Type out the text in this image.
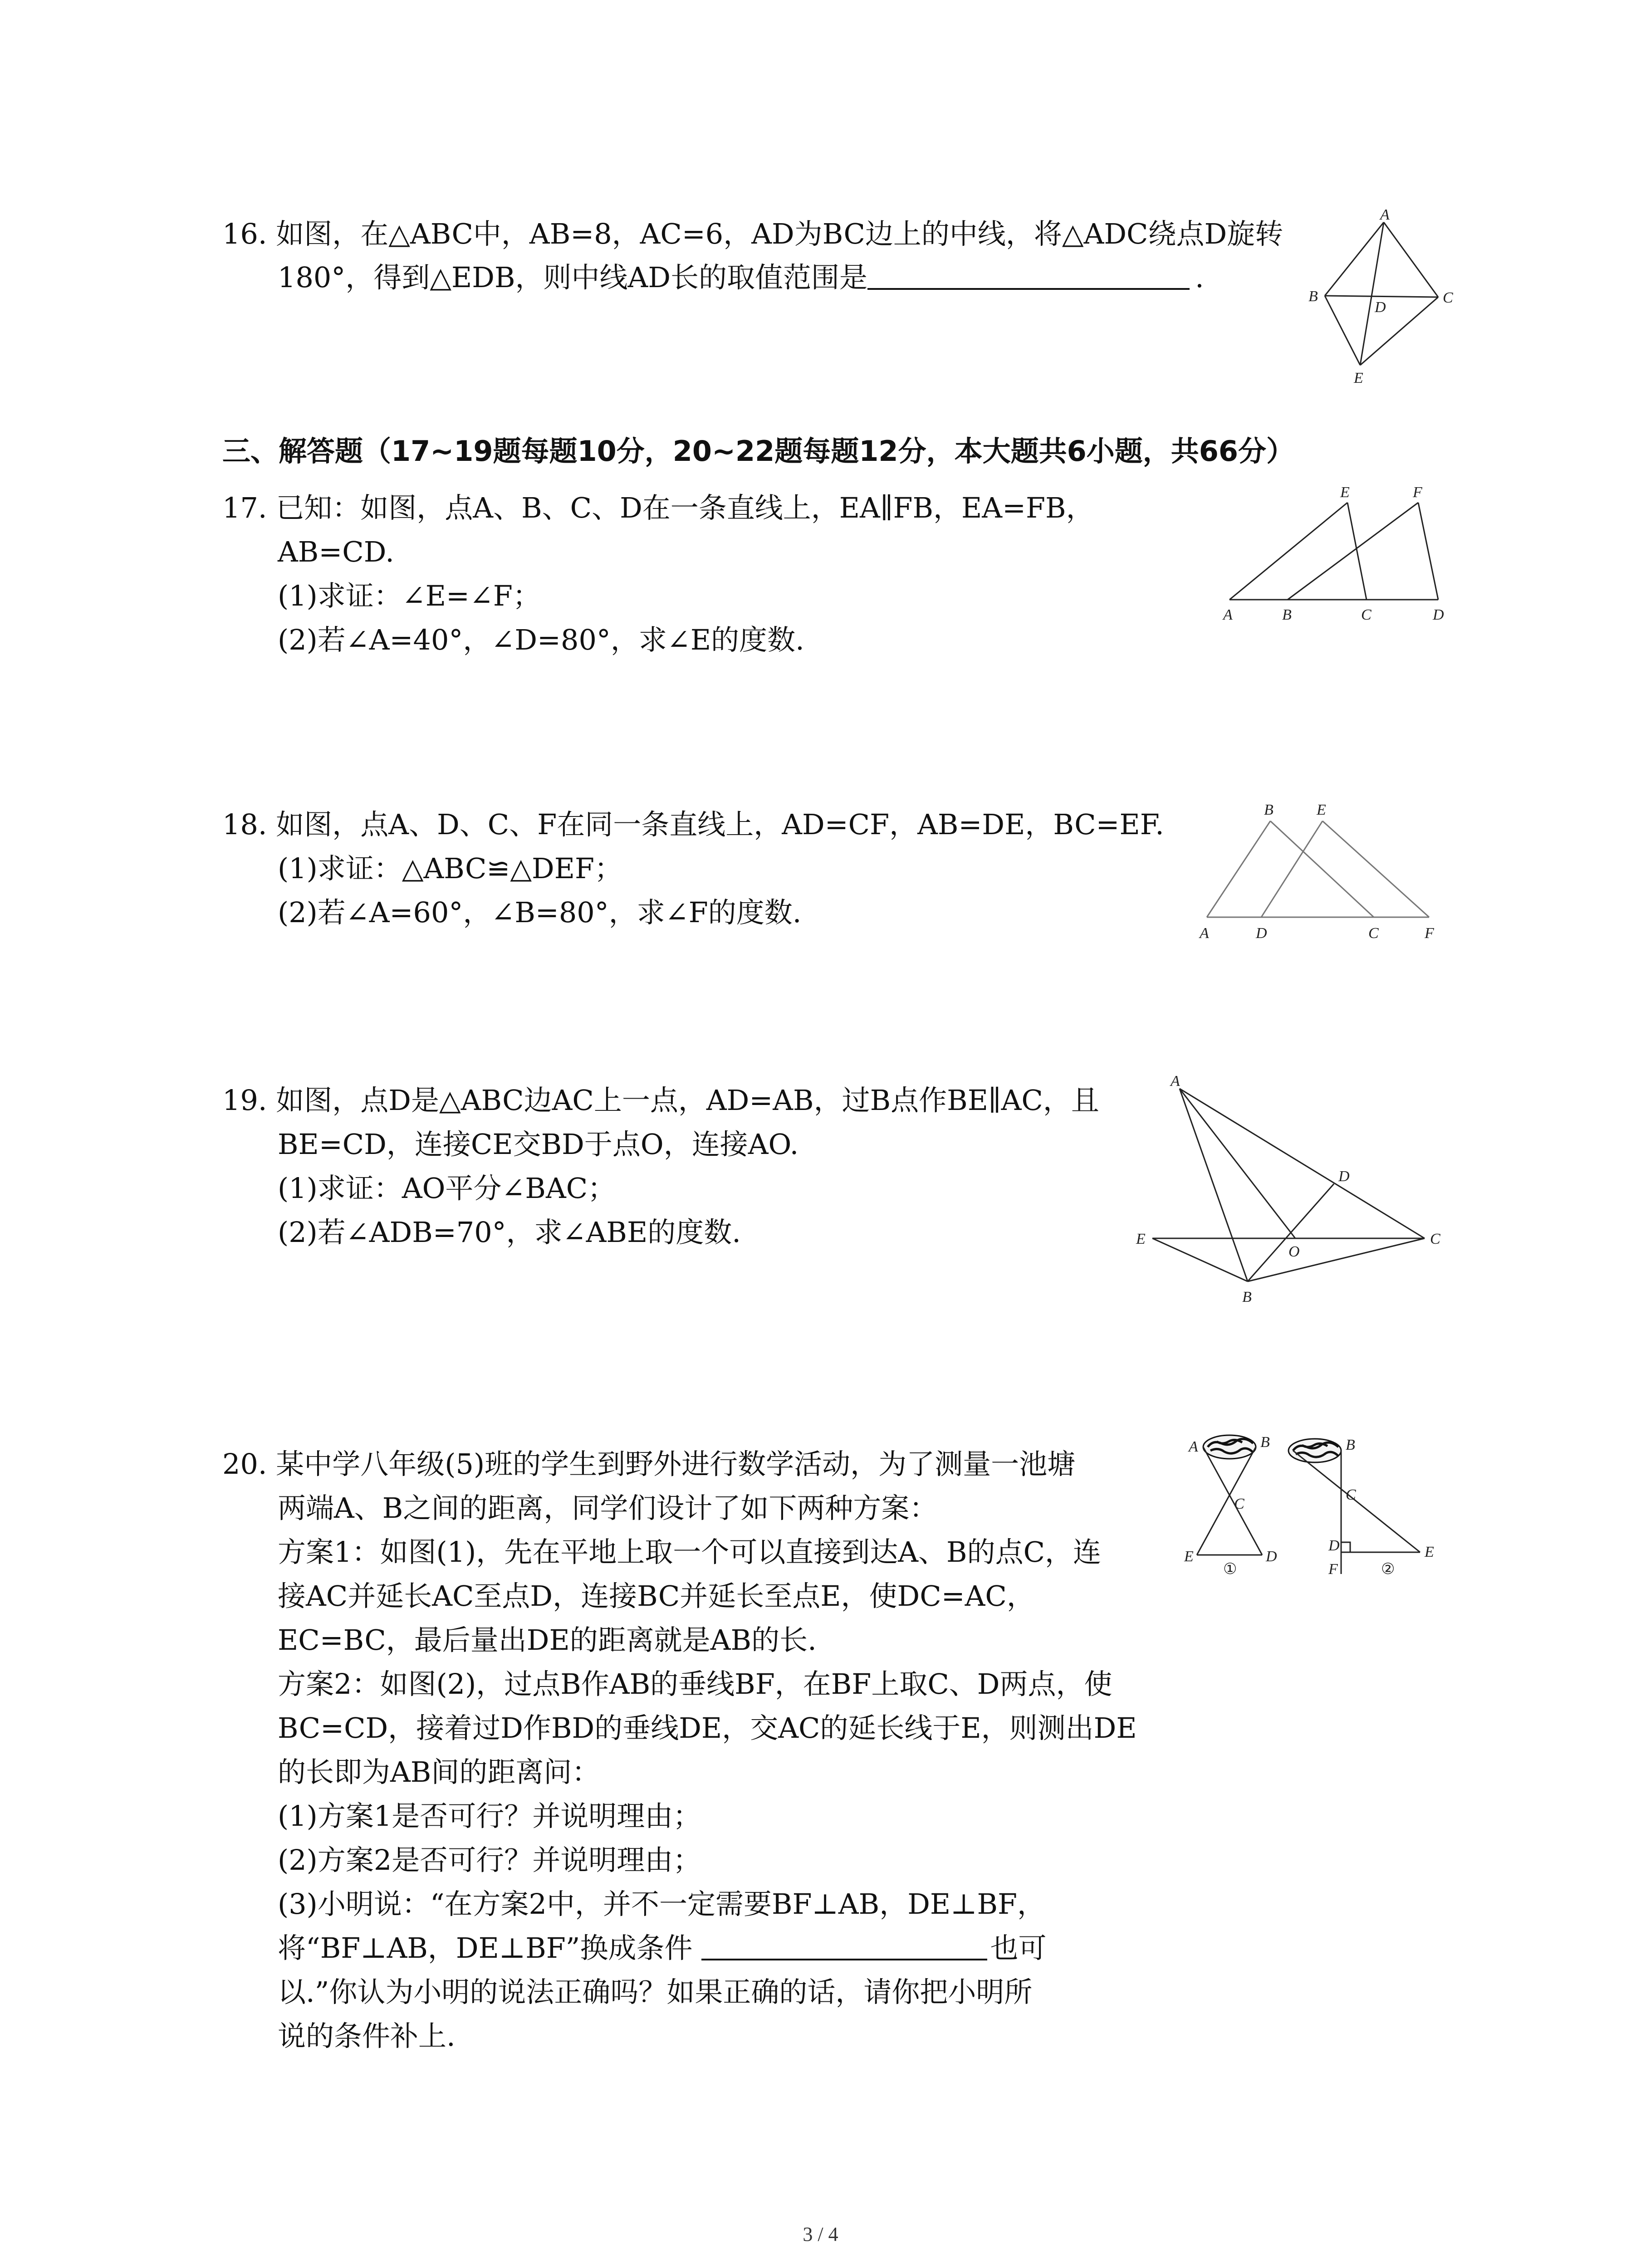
16. 如图，在△ABC中，AB=8，AC=6，AD为BC边上的中线，将△ADC绕点D旋转
180°，得到△EDB，则中线AD长的取值范围是	.
A
B	C
D
E
三、解答题（17~19题每题10分，20~22题每题12分，本大题共6小题，共66分）
17. 已知：如图，点A、B、C、D在一条直线上，EA∥FB，EA=FB，
AB=CD.
(1)求证：∠E=∠F；
(2)若∠A=40°，∠D=80°，求∠E的度数.
E	F
A	B	C	D
18. 如图，点A、D、C、F在同一条直线上，AD=CF，AB=DE，BC=EF.
(1)求证：△ABC≌△DEF；
(2)若∠A=60°，∠B=80°，求∠F的度数.
B	E
A	D	C	F
19. 如图，点D是△ABC边AC上一点，AD=AB，过B点作BE∥AC，且
BE=CD，连接CE交BD于点O，连接AO.
(1)求证：AO平分∠BAC；
(2)若∠ADB=70°，求∠ABE的度数.
A
D
E
O
C
B
20. 某中学八年级(5)班的学生到野外进行数学活动，为了测量一池塘
两端A、B之间的距离，同学们设计了如下两种方案：
方案1：如图(1)，先在平地上取一个可以直接到达A、B的点C，连
接AC并延长AC至点D，连接BC并延长至点E，使DC=AC，
EC=BC，最后量出DE的距离就是AB的长.
方案2：如图(2)，过点B作AB的垂线BF，在BF上取C、D两点，使
BC=CD，接着过D作BD的垂线DE，交AC的延长线于E，则测出DE
的长即为AB间的距离问：
(1)方案1是否可行？并说明理由；
(2)方案2是否可行？并说明理由；
(3)小明说：“在方案2中，并不一定需要BF⊥AB，DE⊥BF，
将“BF⊥AB，DE⊥BF”换成条件	也可
以.”你认为小明的说法正确吗？如果正确的话，请你把小明所
说的条件补上.
A	B
C
E	D
①
B
C
D
F
E
②
3 / 4
